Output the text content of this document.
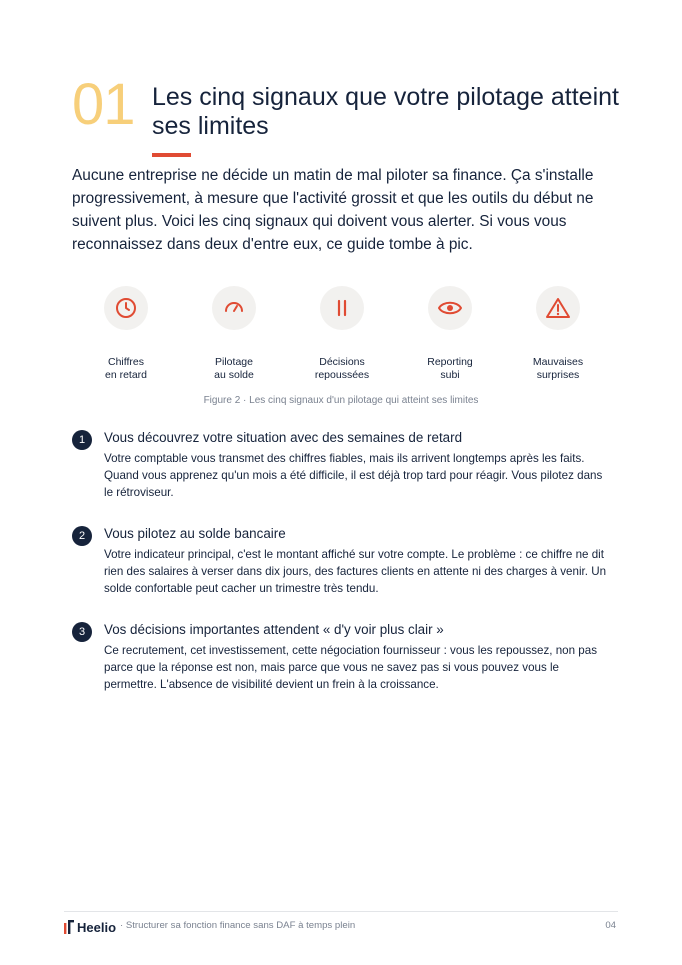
01 Les cinq signaux que votre pilotage atteint ses limites

Aucune entreprise ne décide un matin de mal piloter sa finance. Ça s'installe progressivement, à mesure que l'activité grossit et que les outils du début ne suivent plus. Voici les cinq signaux qui doivent vous alerter. Si vous vous reconnaissez dans deux d'entre eux, ce guide tombe à pic.

Chiffres
en retard
Pilotage
au solde
Décisions
repoussées
Reporting
subi
Mauvaises
surprises

Figure 2 · Les cinq signaux d'un pilotage qui atteint ses limites

1	Vous découvrez votre situation avec des semaines de retard

Votre comptable vous transmet des chiffres fiables, mais ils arrivent longtemps après les faits. Quand vous apprenez qu'un mois a été difficile, il est déjà trop tard pour réagir. Vous pilotez dans le rétroviseur.

2	Vous pilotez au solde bancaire

Votre indicateur principal, c'est le montant affiché sur votre compte. Le problème : ce chiffre ne dit rien des salaires à verser dans dix jours, des factures clients en attente ni des charges à venir. Un solde confortable peut cacher un trimestre très tendu.

3	Vos décisions importantes attendent « d'y voir plus clair »

Ce recrutement, cet investissement, cette négociation fournisseur : vous les repoussez, non pas parce que la réponse est non, mais parce que vous ne savez pas si vous pouvez vous le permettre. L'absence de visibilité devient un frein à la croissance.

Heelio · Structurer sa fonction finance sans DAF à temps plein	04
